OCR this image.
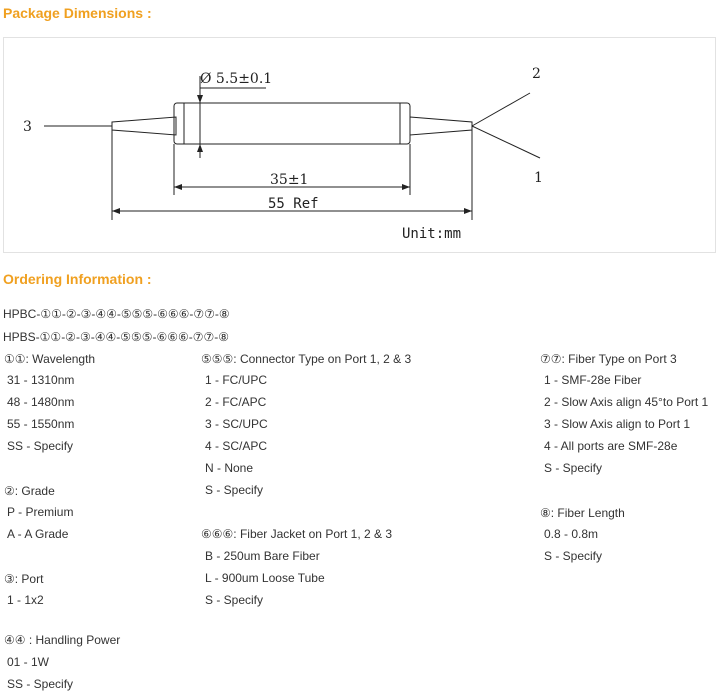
Package Dimensions :
Ø 5.5±0.1
35±1
55 Ref
Unit:mm
3
2
1
Ordering Information :
HPBC-①①-②-③-④④-⑤⑤⑤-⑥⑥⑥-⑦⑦-⑧
HPBS-①①-②-③-④④-⑤⑤⑤-⑥⑥⑥-⑦⑦-⑧
①①: Wavelength
31 - 1310nm
48 - 1480nm
55 - 1550nm
SS - Specify
②: Grade
P - Premium
A - A Grade
③: Port
1 - 1x2
④④ : Handling Power
01 - 1W
SS - Specify
⑤⑤⑤: Connector Type on Port 1, 2 & 3
1 - FC/UPC
2 - FC/APC
3 - SC/UPC
4 - SC/APC
N - None
S - Specify
⑥⑥⑥: Fiber Jacket on Port 1, 2 & 3
B - 250um Bare Fiber
L - 900um Loose Tube
S - Specify
⑦⑦: Fiber Type on Port 3
1 - SMF-28e Fiber
2 - Slow Axis align 45°to Port 1
3 - Slow Axis align to Port 1
4 - All ports are SMF-28e
S - Specify
⑧: Fiber Length
0.8 - 0.8m
S - Specify
